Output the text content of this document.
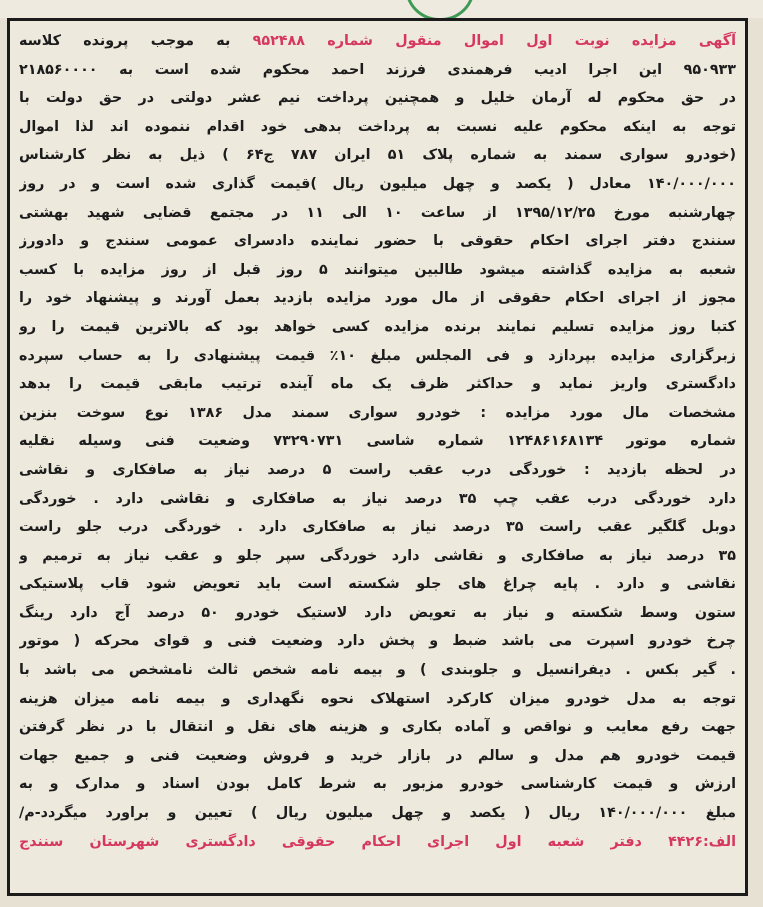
آگهی مزایده نوبت اول اموال منقول شماره ۹۵۲۴۸۸ به موجب پرونده کلاسه
۹۵۰۹۳۳ این اجرا ادیب فرهمندی فرزند احمد محکوم شده است به ۲۱۸۵۶۰۰۰۰
در حق محکوم له آرمان خلیل و همچنین پرداخت نیم عشر دولتی در حق دولت با
توجه به اینکه محکوم علیه نسبت به پرداخت بدهی خود اقدام ننموده اند لذا اموال
(خودرو سواری سمند به شماره پلاک ۵۱ ایران ۷۸۷ ج۶۴ ) ذیل به نظر کارشناس
۱۴۰/۰۰۰/۰۰۰ معادل ( یکصد و چهل میلیون ریال )قیمت گذاری شده است و در روز
چهارشنبه مورخ ۱۳۹۵/۱۲/۲۵ از ساعت ۱۰ الی ۱۱ در مجتمع قضایی شهید بهشتی
سنندج دفتر اجرای احکام حقوقی با حضور نماینده دادسرای عمومی سنندج و دادورز
شعبه به مزایده گذاشته میشود طالبین میتوانند ۵ روز قبل از روز مزایده با کسب
مجوز از اجرای احکام حقوقی از مال مورد مزایده بازدید بعمل آورند و پیشنهاد خود را
کتبا روز مزایده تسلیم نمایند برنده مزایده کسی خواهد بود که بالاترین قیمت را رو
زبرگزاری مزایده بپردازد و فی المجلس مبلغ ۱۰٪ قیمت پیشنهادی را به حساب سپرده
دادگستری واریز نماید و حداکثر ظرف یک ماه آینده ترتیب مابقی قیمت را بدهد
مشخصات مال مورد مزایده : خودرو سواری سمند مدل ۱۳۸۶ نوع سوخت بنزین
شماره موتور ۱۲۴۸۶۱۶۸۱۳۴ شماره شاسی ۷۳۲۹۰۷۳۱ وضعیت فنی وسیله نقلیه
در لحظه بازدید : خوردگی درب عقب راست ۵ درصد نیاز به صافکاری و نقاشی
دارد خوردگی درب عقب چپ ۳۵ درصد نیاز به صافکاری و نقاشی دارد . خوردگی
دوبل گلگیر عقب راست ۳۵ درصد نیاز به صافکاری دارد . خوردگی درب جلو راست
۳۵ درصد نیاز به صافکاری و نقاشی دارد خوردگی سپر جلو و عقب نیاز به ترمیم و
نقاشی و دارد . پایه چراغ های جلو شکسته است باید تعویض شود قاب پلاستیکی
ستون وسط شکسته و نیاز به تعویض دارد لاستیک خودرو ۵۰ درصد آج دارد رینگ
چرخ خودرو اسپرت می باشد ضبط و پخش دارد وضعیت فنی و قوای محرکه ( موتور
. گیر بکس . دیفرانسیل و جلوبندی ) و بیمه نامه شخص ثالث نامشخص می باشد با
توجه به مدل خودرو میزان کارکرد استهلاک نحوه نگهداری و بیمه نامه میزان هزینه
جهت رفع معایب و نواقص و آماده بکاری و هزینه های نقل و انتقال با در نظر گرفتن
قیمت خودرو هم مدل و سالم در بازار خرید و فروش وضعیت فنی و جمیع جهات
ارزش و قیمت کارشناسی خودرو مزبور به شرط کامل بودن اسناد و مدارک و به
مبلغ ۱۴۰/۰۰۰/۰۰۰ ریال ( یکصد و چهل میلیون ریال ) تعیین و براورد میگردد-م/
الف:۴۴۲۶ دفتر شعبه اول اجرای احکام حقوقی دادگستری شهرستان سنندج
